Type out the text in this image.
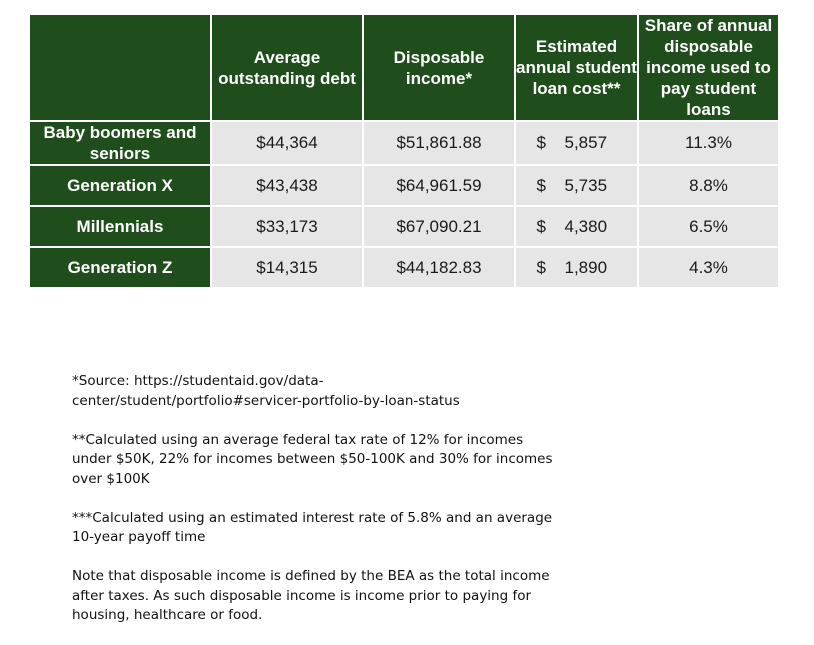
	Average outstanding debt	Disposable income*	Estimated annual student loan cost**	Share of annual disposable income used to pay student loans
Baby boomers and seniors	$44,364	$51,861.88	$ 5,857	11.3%
Generation X	$43,438	$64,961.59	$ 5,735	8.8%
Millennials	$33,173	$67,090.21	$ 4,380	6.5%
Generation Z	$14,315	$44,182.83	$ 1,890	4.3%

*Source: https://studentaid.gov/data-
center/student/portfolio#servicer-portfolio-by-loan-status

**Calculated using an average federal tax rate of 12% for incomes
under $50K, 22% for incomes between $50-100K and 30% for incomes
over $100K

***Calculated using an estimated interest rate of 5.8% and an average
10-year payoff time

Note that disposable income is defined by the BEA as the total income
after taxes. As such disposable income is income prior to paying for
housing, healthcare or food.
